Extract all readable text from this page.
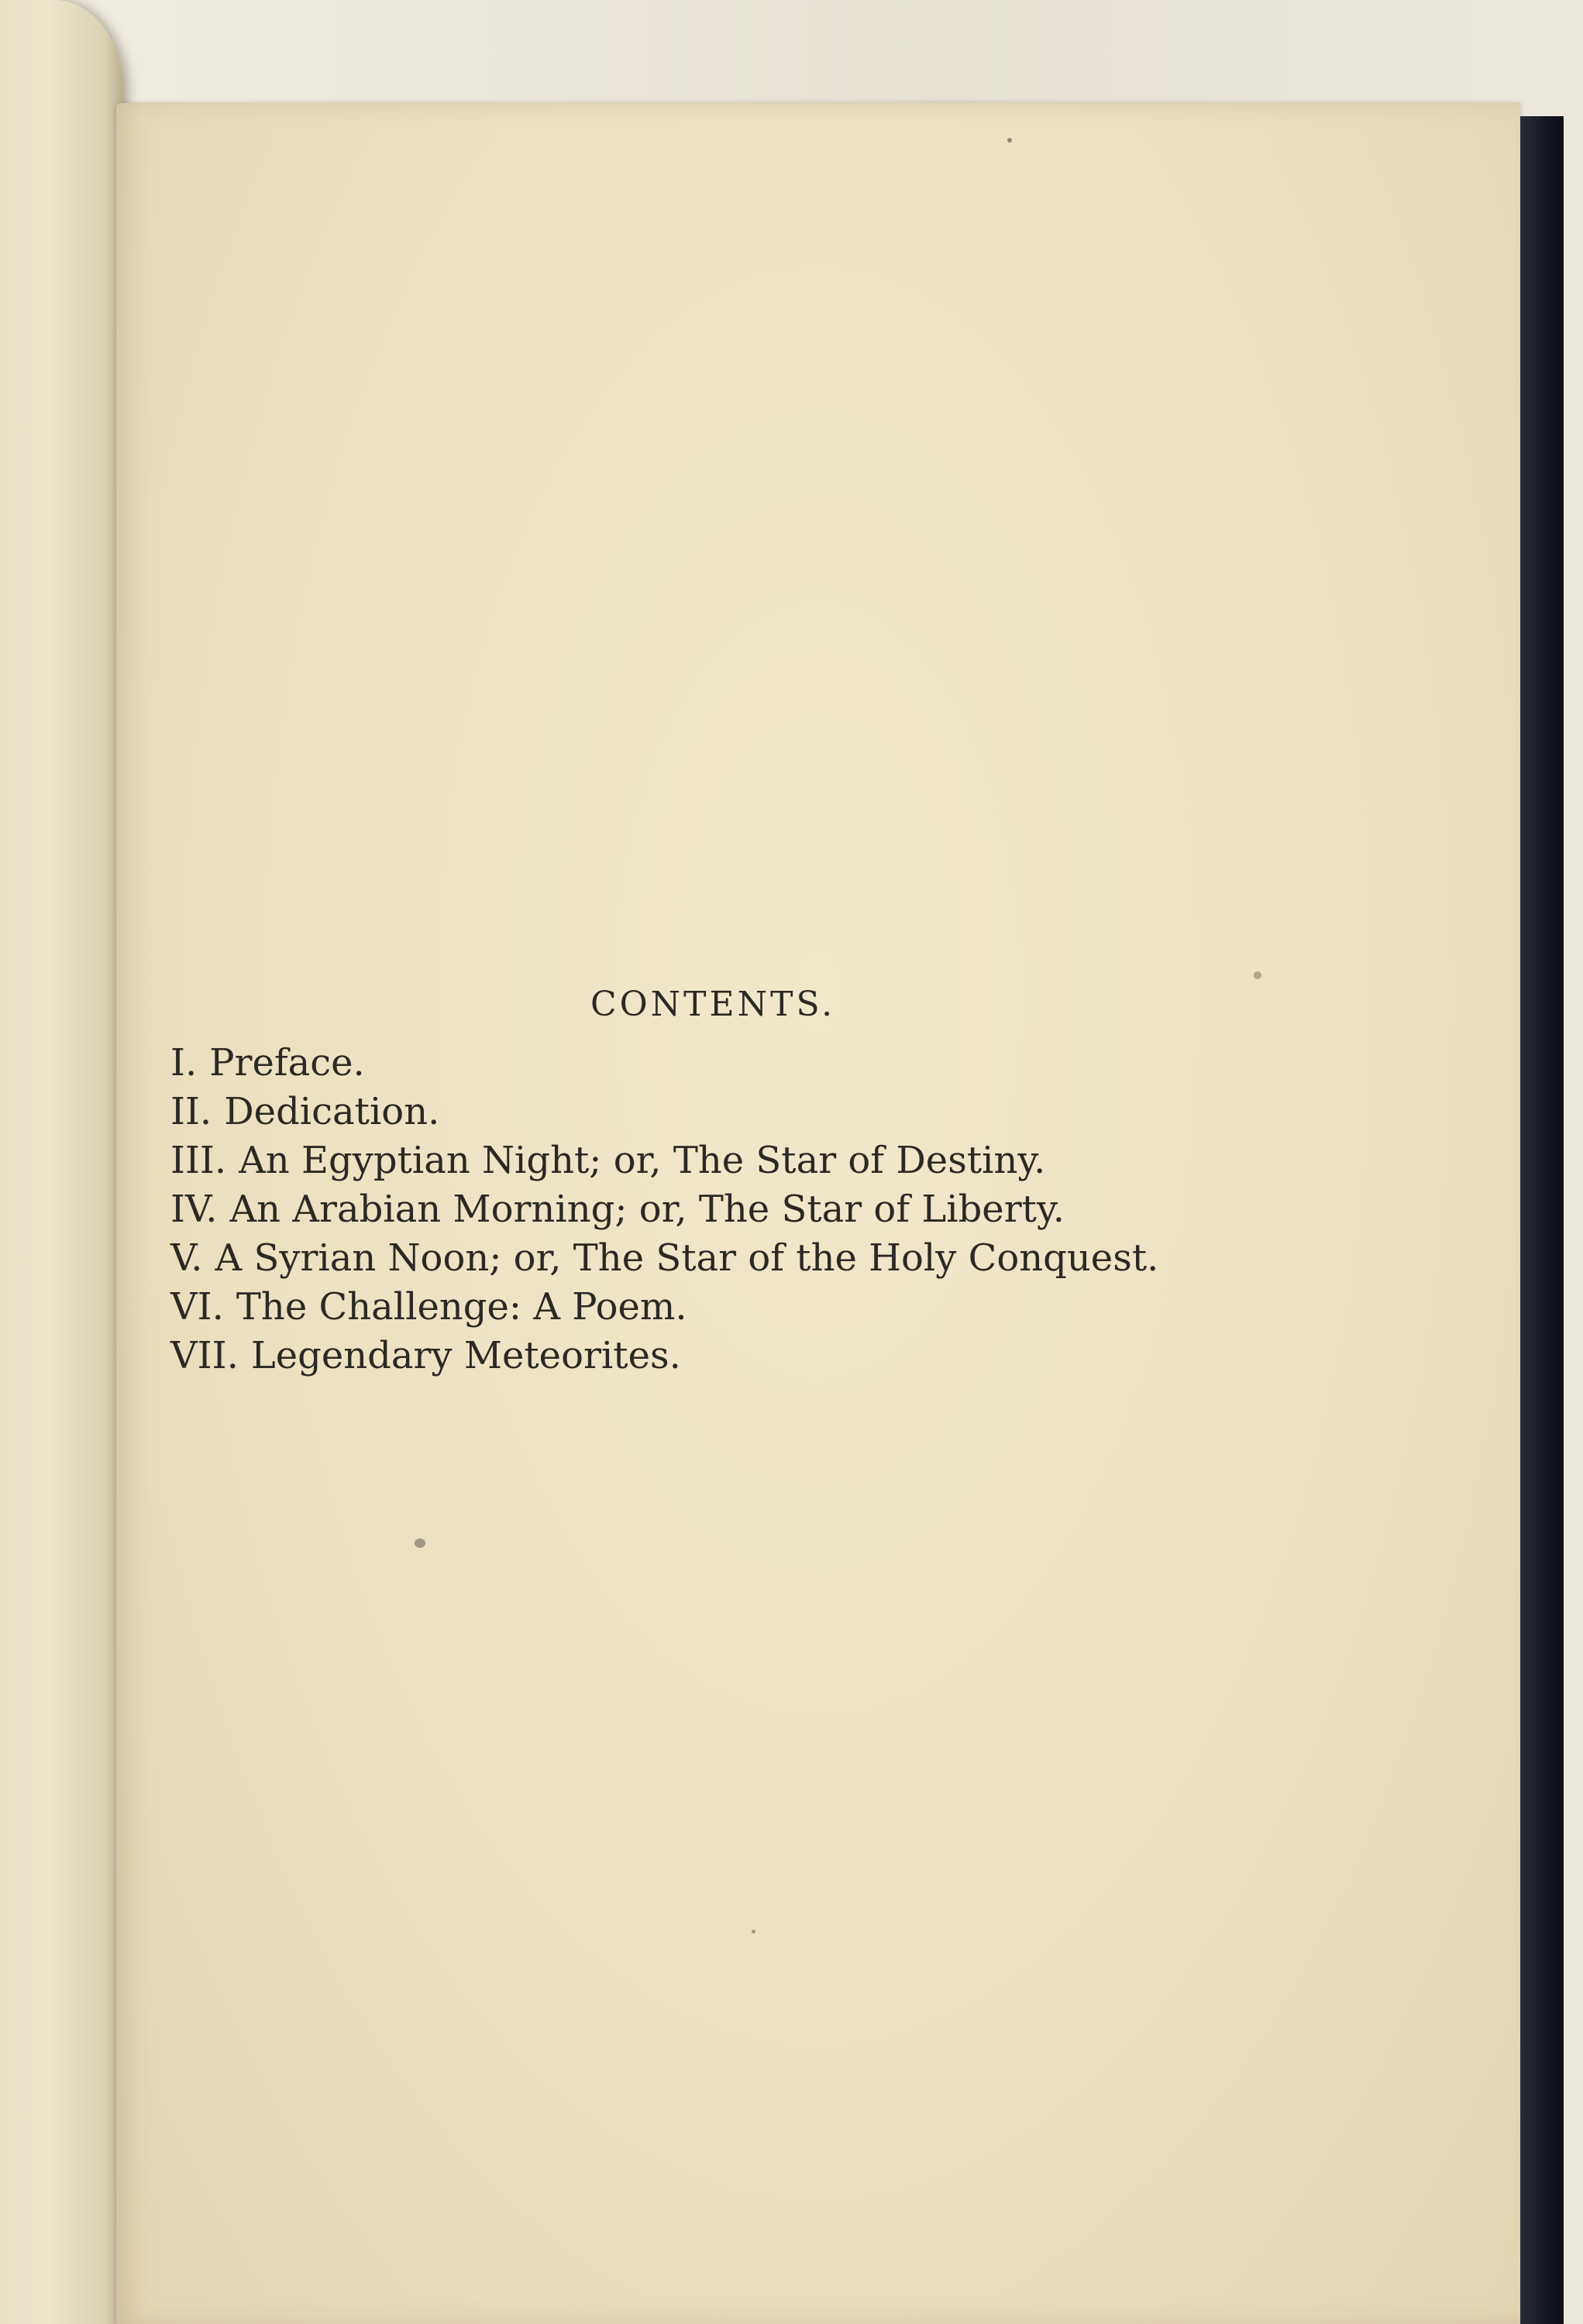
CONTENTS.
I. Preface.
II. Dedication.
III. An Egyptian Night; or, The Star of Destiny.
IV. An Arabian Morning; or, The Star of Liberty.
V. A Syrian Noon; or, The Star of the Holy Conquest.
VI. The Challenge: A Poem.
VII. Legendary Meteorites.
